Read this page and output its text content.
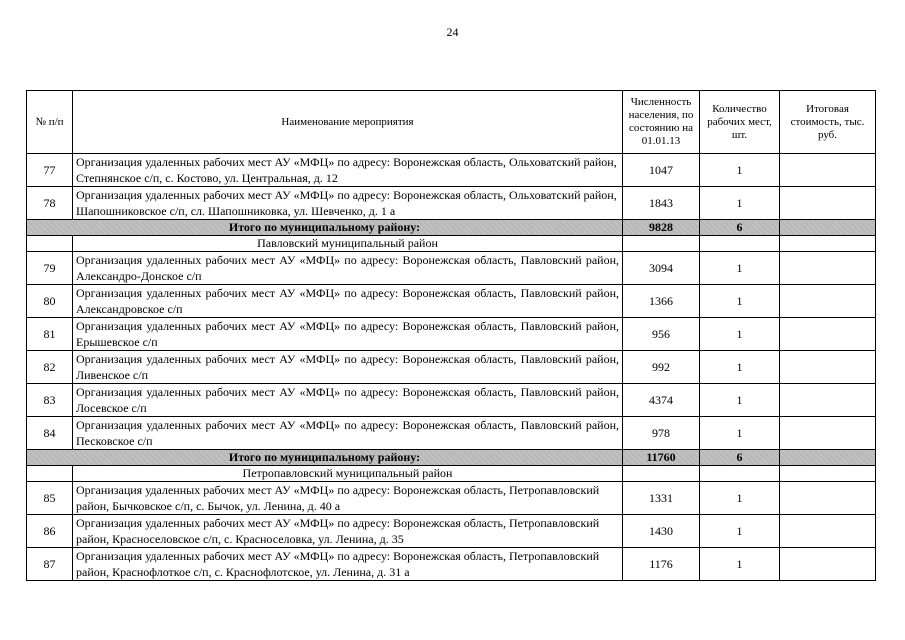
24
№ п/п	Наименование мероприятия	Численность населения, по состоянию на 01.01.13	Количество рабочих мест, шт.	Итоговая стоимость, тыс. руб.
77	Организация удаленных рабочих мест АУ «МФЦ» по адресу: Воронежская область, Ольховатский район, Степнянское с/п, с. Костово, ул. Центральная, д. 12	1047	1	
78	Организация удаленных рабочих мест АУ «МФЦ» по адресу: Воронежская область, Ольховатский район, Шапошниковское с/п, сл. Шапошниковка, ул. Шевченко, д. 1 а	1843	1	
Итого по муниципальному району:		9828	6	
	Павловский муниципальный район			
79	Организация удаленных рабочих мест АУ «МФЦ» по адресу: Воронежская область, Павловский район, Александро-Донское с/п	3094	1	
80	Организация удаленных рабочих мест АУ «МФЦ» по адресу: Воронежская область, Павловский район, Александровское с/п	1366	1	
81	Организация удаленных рабочих мест АУ «МФЦ» по адресу: Воронежская область, Павловский район, Ерышевское с/п	956	1	
82	Организация удаленных рабочих мест АУ «МФЦ» по адресу: Воронежская область, Павловский район, Ливенское с/п	992	1	
83	Организация удаленных рабочих мест АУ «МФЦ» по адресу: Воронежская область, Павловский район, Лосевское с/п	4374	1	
84	Организация удаленных рабочих мест АУ «МФЦ» по адресу: Воронежская область, Павловский район, Песковское с/п	978	1	
Итого по муниципальному району:		11760	6	
	Петропавловский муниципальный район			
85	Организация удаленных рабочих мест АУ «МФЦ» по адресу: Воронежская область, Петропавловский район, Бычковское с/п, с. Бычок, ул. Ленина, д. 40 а	1331	1	
86	Организация удаленных рабочих мест АУ «МФЦ» по адресу: Воронежская область, Петропавловский район, Красноселовское с/п, с. Красноселовка, ул. Ленина, д. 35	1430	1	
87	Организация удаленных рабочих мест АУ «МФЦ» по адресу: Воронежская область, Петропавловский район, Краснофлоткое с/п, с. Краснофлотское, ул. Ленина, д. 31 а	1176	1	
